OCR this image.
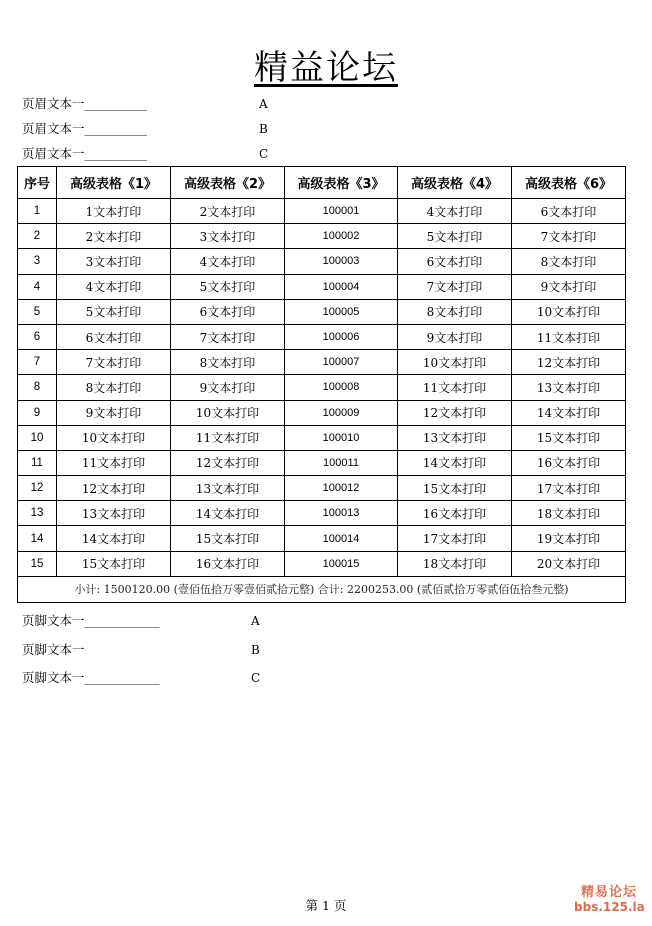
精益论坛
页眉文本一__________	A
页眉文本一__________	B
页眉文本一__________	C
序号	高级表格《1》	高级表格《2》	高级表格《3》	高级表格《4》	高级表格《6》
1	1文本打印	2文本打印	100001	4文本打印	6文本打印
2	2文本打印	3文本打印	100002	5文本打印	7文本打印
3	3文本打印	4文本打印	100003	6文本打印	8文本打印
4	4文本打印	5文本打印	100004	7文本打印	9文本打印
5	5文本打印	6文本打印	100005	8文本打印	10文本打印
6	6文本打印	7文本打印	100006	9文本打印	11文本打印
7	7文本打印	8文本打印	100007	10文本打印	12文本打印
8	8文本打印	9文本打印	100008	11文本打印	13文本打印
9	9文本打印	10文本打印	100009	12文本打印	14文本打印
10	10文本打印	11文本打印	100010	13文本打印	15文本打印
11	11文本打印	12文本打印	100011	14文本打印	16文本打印
12	12文本打印	13文本打印	100012	15文本打印	17文本打印
13	13文本打印	14文本打印	100013	16文本打印	18文本打印
14	14文本打印	15文本打印	100014	17文本打印	19文本打印
15	15文本打印	16文本打印	100015	18文本打印	20文本打印
小计: 1500120.00 (壹佰伍拾万零壹佰贰拾元整) 合计: 2200253.00 (贰佰贰拾万零贰佰伍拾叁元整)					
页脚文本一____________	A
页脚文本一	B
页脚文本一____________	C
第 1 页
精易论坛
bbs.125.la
